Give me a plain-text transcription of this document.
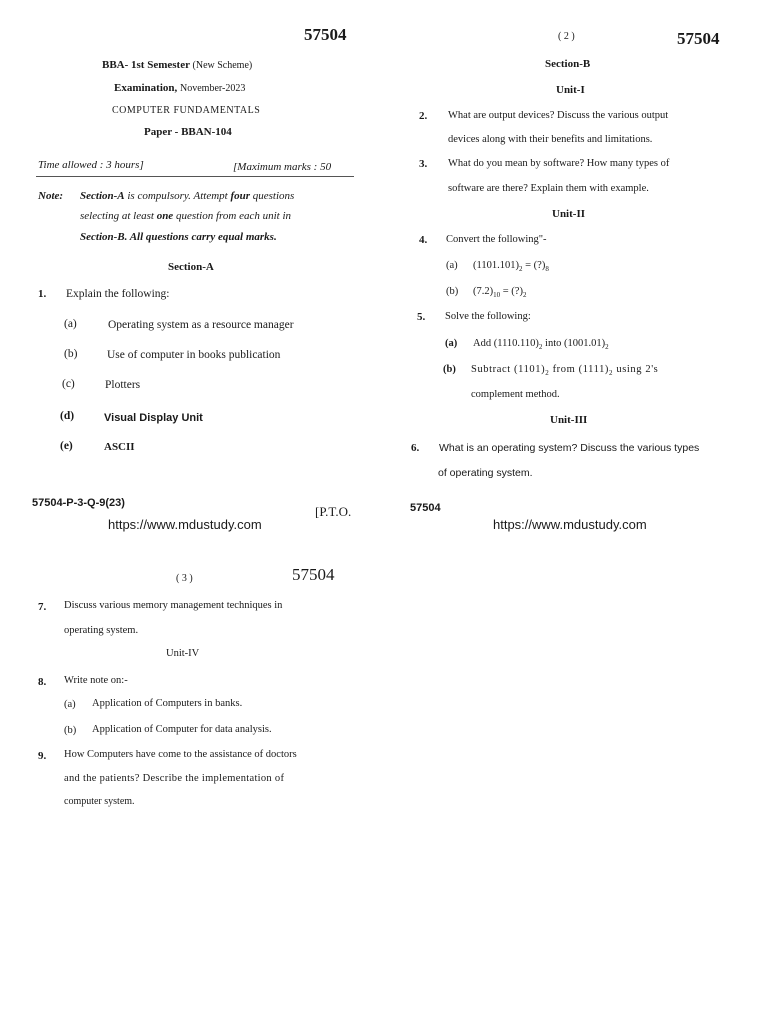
57504
BBA- 1st Semester (New Scheme)
Examination, November-2023
COMPUTER FUNDAMENTALS
Paper - BBAN-104
Time allowed : 3 hours]	[Maximum marks : 50
Note: Section-A is compulsory. Attempt four questions
selecting at least one question from each unit in
Section-B. All questions carry equal marks.
Section-A
1. Explain the following:
(a)	Operating system as a resource manager
(b)	Use of computer in books publication
(c)	Plotters
(d)	Visual Display Unit
(e)	ASCII
57504-P-3-Q-9(23)
[P.T.O.
https://www.mdustudy.com
( 2 )	57504
Section-B
Unit-I
2. What are output devices? Discuss the various output
devices along with their benefits and limitations.
3. What do you mean by software? How many types of
software are there? Explain them with example.
Unit-II
4. Convert the following"-
(a) $(1101.101)_2$ = $(?)_8$
(b) $(7.2)_{10}$ = $(?)_2$
5. Solve the following:
(a) Add $(1110.110)_2$ into $(1001.01)_2$
(b) Subtract $(1101)_2$ from $(1111)_2$ using 2's
complement method.
Unit-III
6. What is an operating system? Discuss the various types
of operating system.
57504
https://www.mdustudy.com
( 3 )	57504
7. Discuss various memory management techniques in
operating system.
Unit-IV
8. Write note on:-
(a) Application of Computers in banks.
(b) Application of Computer for data analysis.
9. How Computers have come to the assistance of doctors
and the patients? Describe the implementation of
computer system.
